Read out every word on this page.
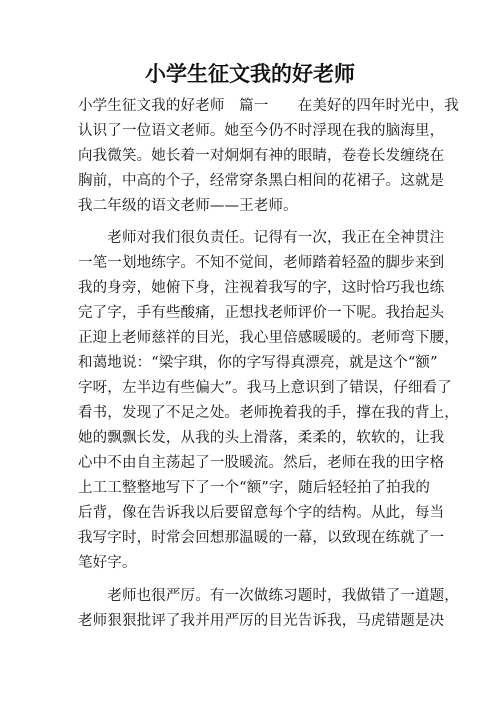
小学生征文我的好老师
小学生征文我的好老师　篇一　　在美好的四年时光中，我
认识了一位语文老师。她至今仍不时浮现在我的脑海里，
向我微笑。她长着一对炯炯有神的眼睛，卷卷长发缠绕在
胸前，中高的个子，经常穿条黑白相间的花裙子。这就是
我二年级的语文老师——王老师。
　　老师对我们很负责任。记得有一次，我正在全神贯注
一笔一划地练字。不知不觉间，老师踏着轻盈的脚步来到
我的身旁，她俯下身，注视着我写的字，这时恰巧我也练
完了字，手有些酸痛，正想找老师评价一下呢。我抬起头
正迎上老师慈祥的目光，我心里倍感暖暖的。老师弯下腰，
和蔼地说：“梁宇琪，你的字写得真漂亮，就是这个“额”
字呀，左半边有些偏大”。我马上意识到了错误，仔细看了
看书，发现了不足之处。老师挽着我的手，撑在我的背上，
她的飘飘长发，从我的头上滑落，柔柔的，软软的，让我
心中不由自主荡起了一股暖流。然后，老师在我的田字格
上工工整整地写下了一个“额”字，随后轻轻拍了拍我的
后背，像在告诉我以后要留意每个字的结构。从此，每当
我写字时，时常会回想那温暖的一幕，以致现在练就了一
笔好字。
　　老师也很严厉。有一次做练习题时，我做错了一道题，
老师狠狠批评了我并用严厉的目光告诉我，马虎错题是决
